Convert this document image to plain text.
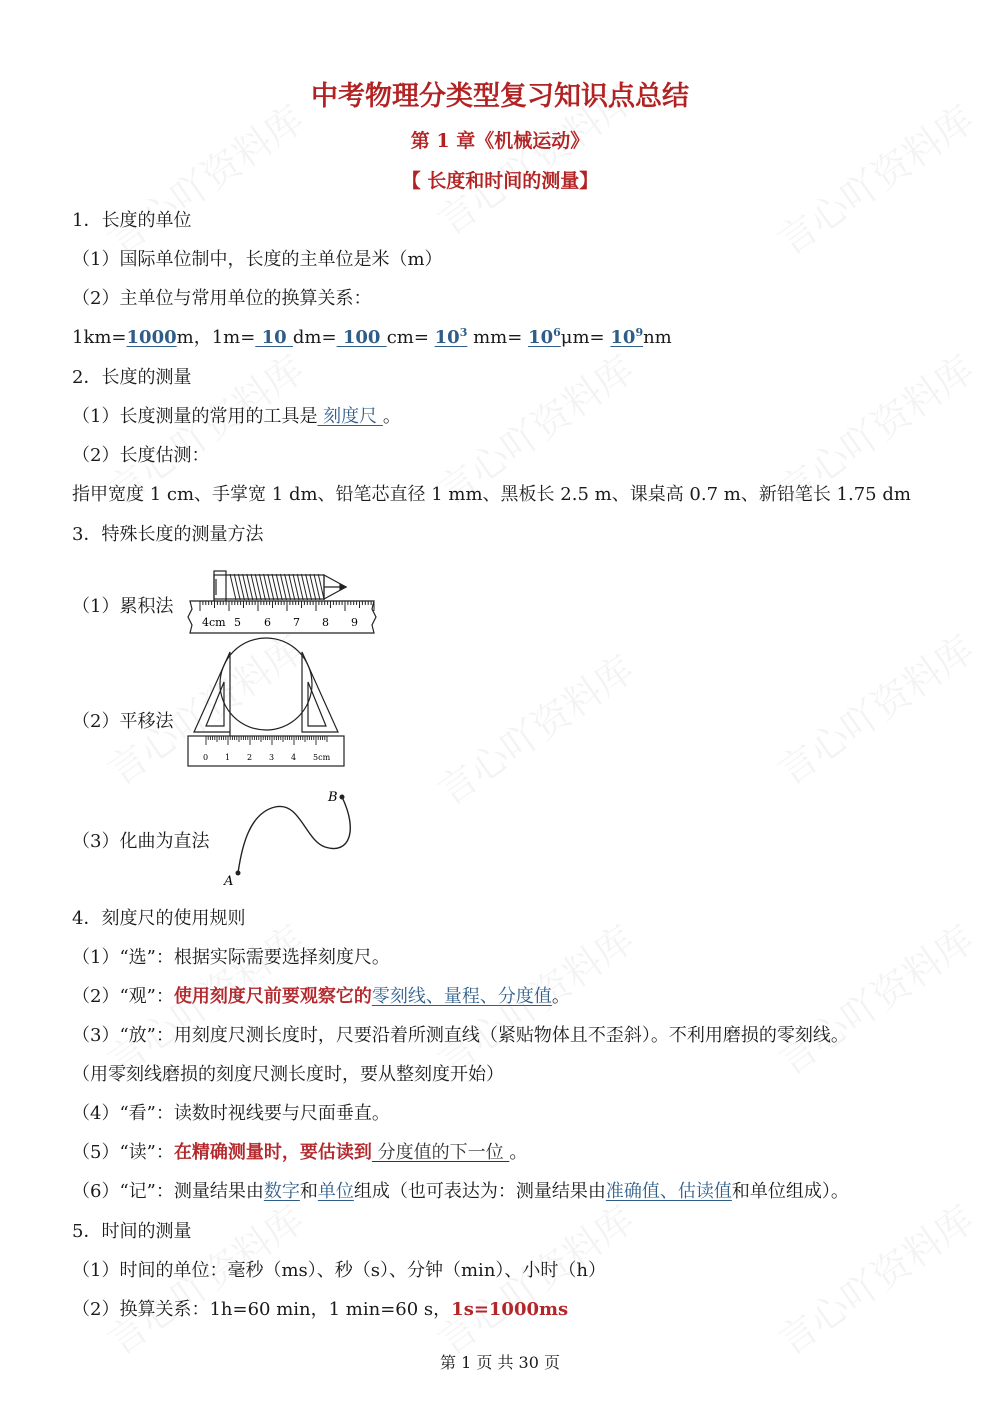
中考物理分类型复习知识点总结
第 1 章《机械运动》
【 长度和时间的测量】
1．长度的单位
（1）国际单位制中，长度的主单位是米（m）
（2）主单位与常用单位的换算关系：
1km=1000m，1m= 10 dm= 100 $cm= 10^3$ $mm= 10^6\mu m= 10^9nm$
2．长度的测量
（1）长度测量的常用的工具是 刻度尺 。
（2）长度估测：
指甲宽度 1 cm、手掌宽 1 dm、铅笔芯直径 1 mm、黑板长 2.5 m、课桌高 0.7 m、新铅笔长 1.75 dm
3．特殊长度的测量方法
（1）累积法
（2）平移法
（3）化曲为直法
4cm 5 6 7 8 9
0 1 2 3 4 5cm
A
B
4．刻度尺的使用规则
（1）“选”：根据实际需要选择刻度尺。
（2）“观”：使用刻度尺前要观察它的零刻线、量程、分度值。
（3）“放”：用刻度尺测长度时，尺要沿着所测直线（紧贴物体且不歪斜）。不利用磨损的零刻线。
（用零刻线磨损的刻度尺测长度时，要从整刻度开始）
（4）“看”：读数时视线要与尺面垂直。
（5）“读”：在精确测量时，要估读到 分度值的下一位 。
（6）“记”：测量结果由数字和单位组成（也可表达为：测量结果由准确值、估读值和单位组成）。
5．时间的测量
（1）时间的单位：毫秒（ms）、秒（s）、分钟（min）、小时（h）
（2）换算关系：1h=60 min，1 min=60 s，1s=1000ms
第 1 页 共 30 页
